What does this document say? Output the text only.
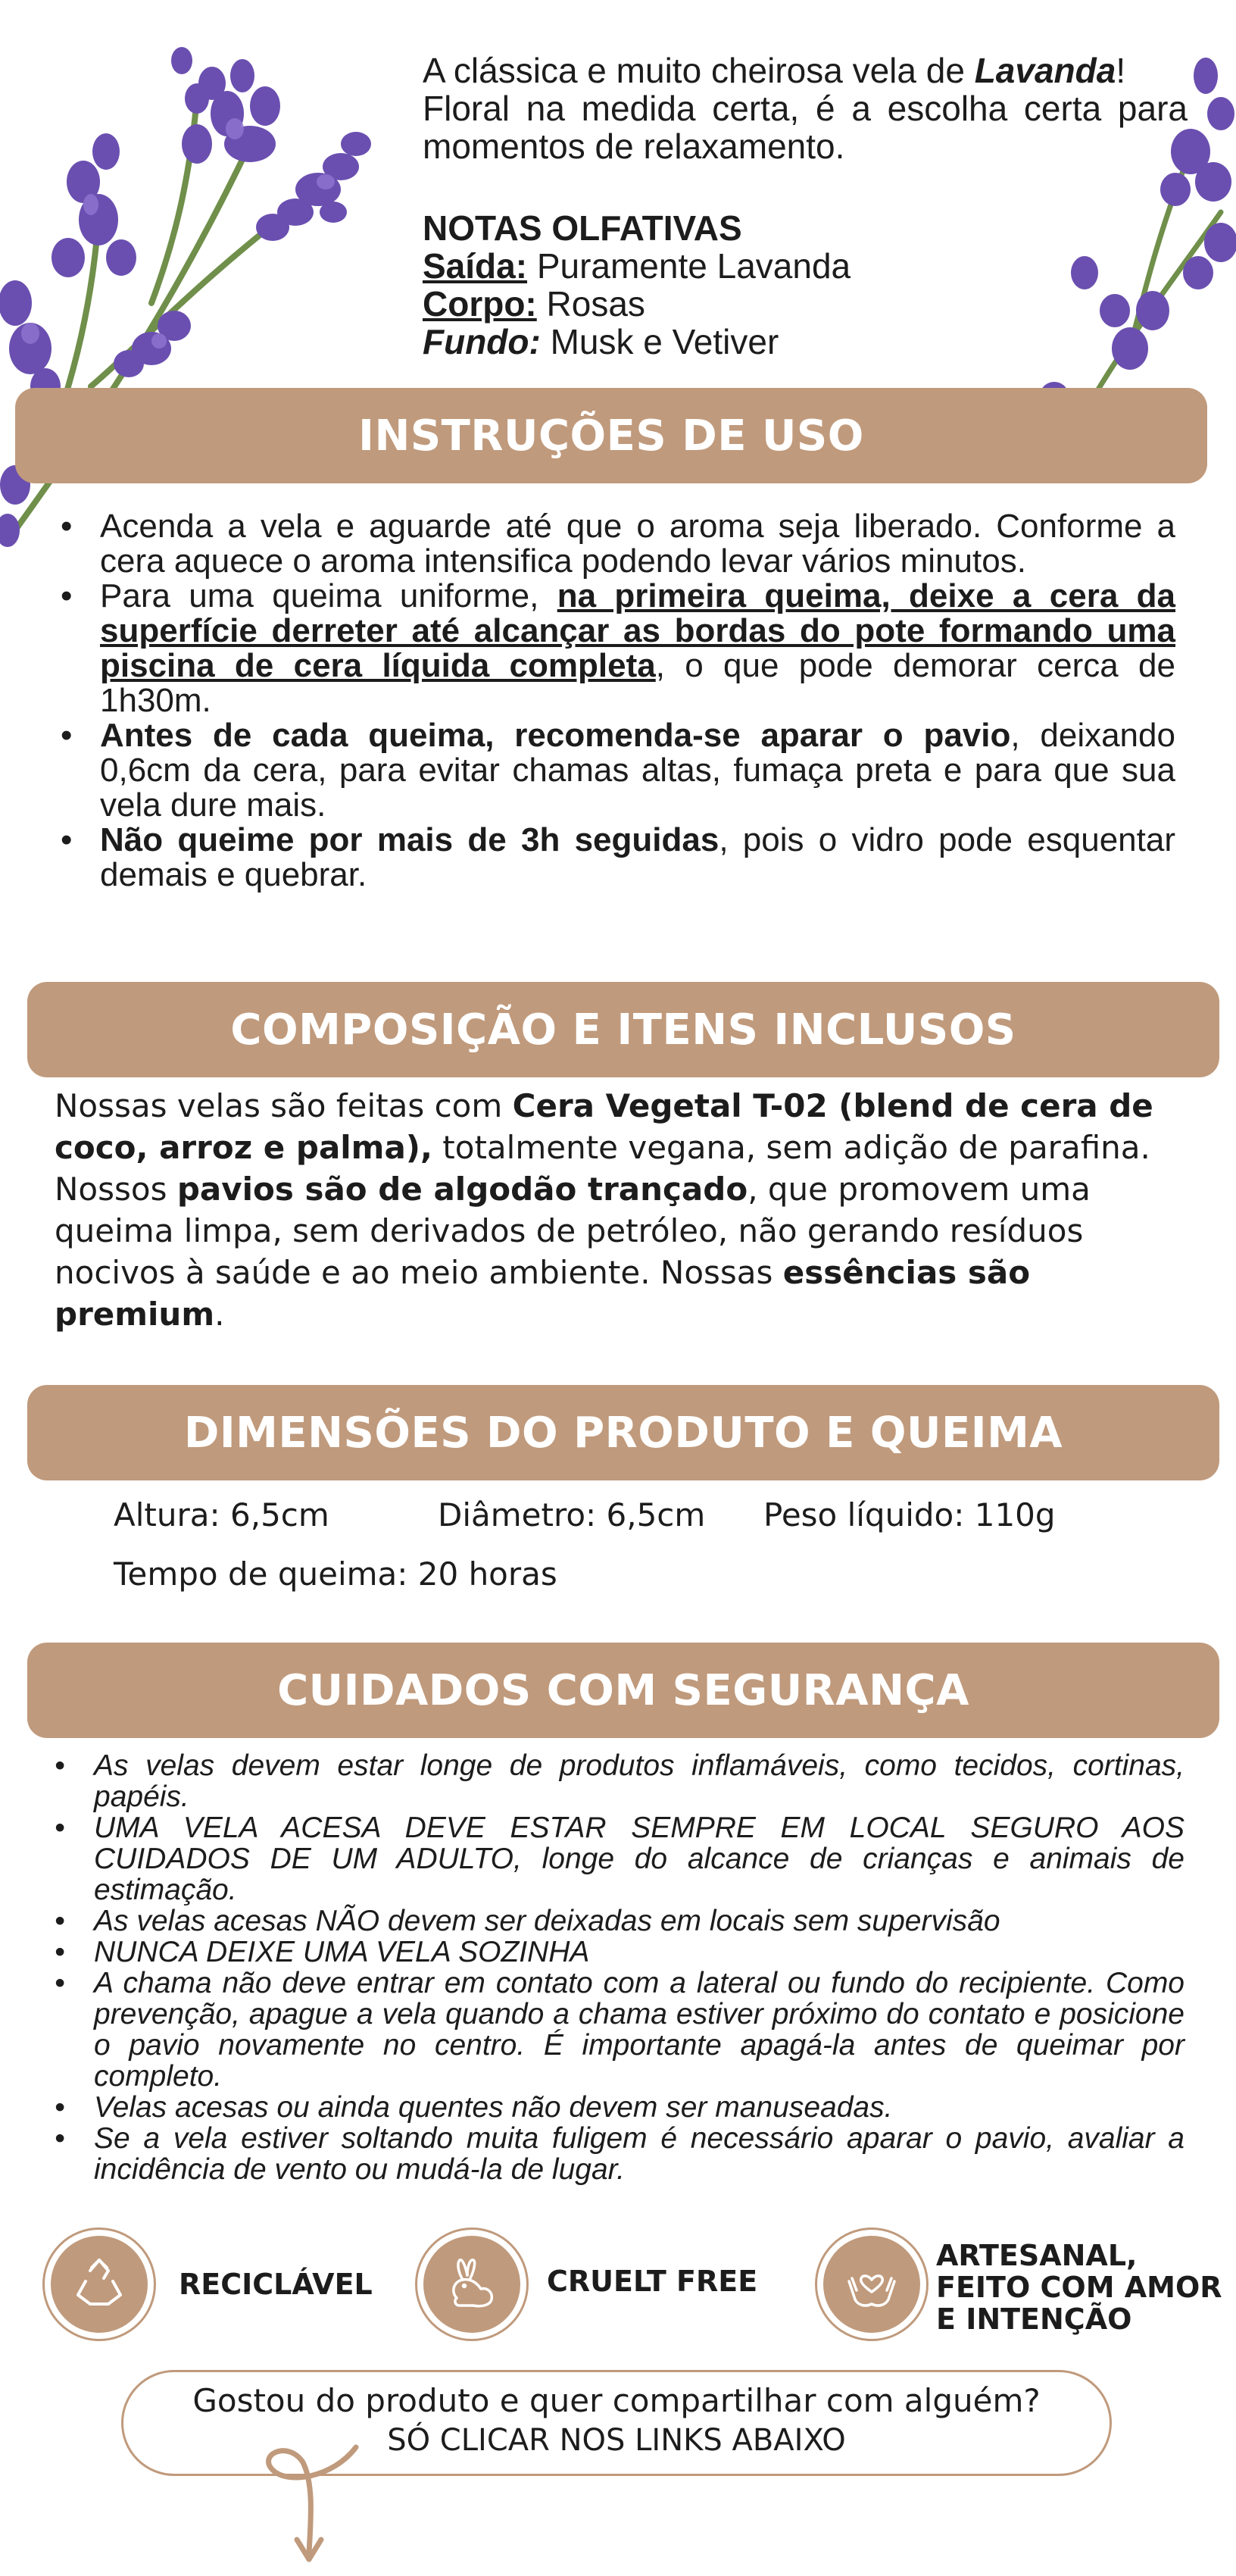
A clássica e muito cheirosa vela de Lavanda!
Floral na medida certa, é a escolha certa para momentos de relaxamento.
NOTAS OLFATIVAS
Saída: Puramente Lavanda
Corpo: Rosas
Fundo: Musk e Vetiver
INSTRUÇÕES DE USO
• Acenda a vela e aguarde até que o aroma seja liberado. Conforme a cera aquece o aroma intensifica podendo levar vários minutos.
• Para uma queima uniforme, na primeira queima, deixe a cera da superfície derreter até alcançar as bordas do pote formando uma piscina de cera líquida completa, o que pode demorar cerca de 1h30m.
• Antes de cada queima, recomenda-se aparar o pavio, deixando 0,6cm da cera, para evitar chamas altas, fumaça preta e para que sua vela dure mais.
• Não queime por mais de 3h seguidas, pois o vidro pode esquentar demais e quebrar.
COMPOSIÇÃO E ITENS INCLUSOS
Nossas velas são feitas com Cera Vegetal T-02 (blend de cera de coco, arroz e palma), totalmente vegana, sem adição de parafina. Nossos pavios são de algodão trançado, que promovem uma queima limpa, sem derivados de petróleo, não gerando resíduos nocivos à saúde e ao meio ambiente. Nossas essências são premium.
DIMENSÕES DO PRODUTO E QUEIMA
Altura: 6,5cm	Diâmetro: 6,5cm Peso líquido: 110g
Tempo de queima: 20 horas
CUIDADOS COM SEGURANÇA
• As velas devem estar longe de produtos inflamáveis, como tecidos, cortinas, papéis.
• UMA VELA ACESA DEVE ESTAR SEMPRE EM LOCAL SEGURO AOS CUIDADOS DE UM ADULTO, longe do alcance de crianças e animais de estimação.
• As velas acesas NÃO devem ser deixadas em locais sem supervisão
• NUNCA DEIXE UMA VELA SOZINHA
• A chama não deve entrar em contato com a lateral ou fundo do recipiente. Como prevenção, apague a vela quando a chama estiver próximo do contato e posicione o pavio novamente no centro. É importante apagá-la antes de queimar por completo.
• Velas acesas ou ainda quentes não devem ser manuseadas.
• Se a vela estiver soltando muita fuligem é necessário aparar o pavio, avaliar a incidência de vento ou mudá-la de lugar.
RECICLÁVEL	CRUELT FREE
ARTESANAL,
FEITO COM AMOR
E INTENÇÃO
Gostou do produto e quer compartilhar com alguém?
SÓ CLICAR NOS LINKS ABAIXO
